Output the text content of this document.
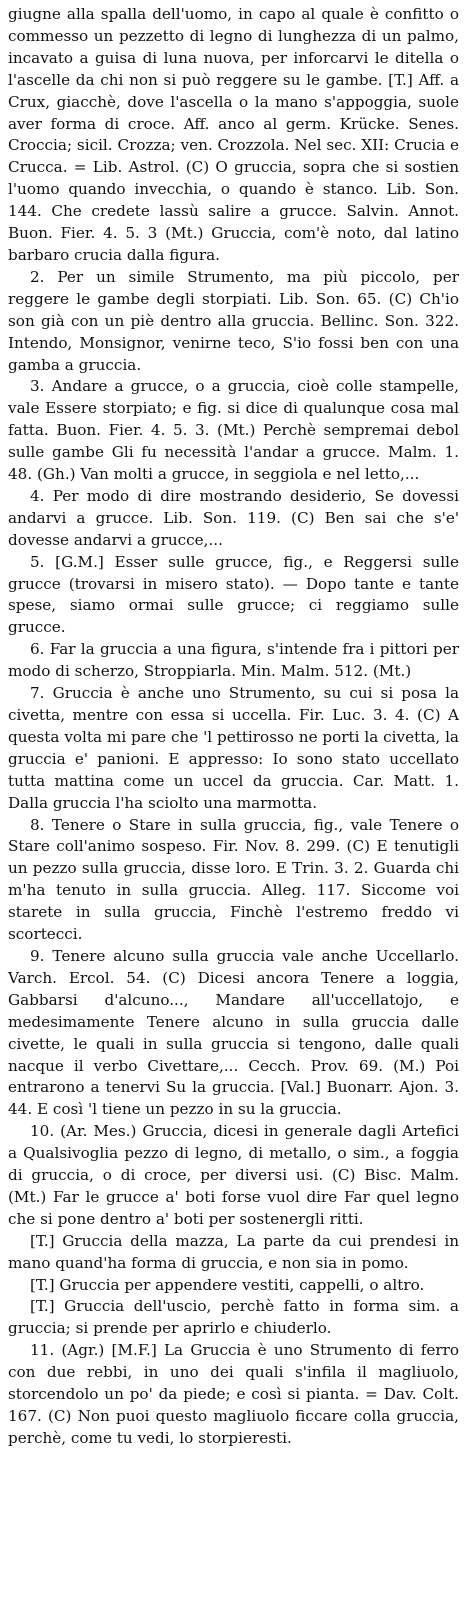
giugne alla spalla dell'uomo, in capo al quale è confitto o commesso un pezzetto di legno di lunghezza di un palmo, incavato a guisa di luna nuova, per inforcarvi le ditella o l'ascelle da chi non si può reggere su le gambe. [T.] Aff. a Crux, giacchè, dove l'ascella o la mano s'appoggia, suole aver forma di croce. Aff. anco al germ. Krücke. Senes. Croccia; sicil. Crozza; ven. Crozzola. Nel sec. XII: Crucia e Crucca. = Lib. Astrol. (C) O gruccia, sopra che si sostien l'uomo quando invecchia, o quando è stanco. Lib. Son. 144. Che credete lassù salire a grucce. Salvin. Annot. Buon. Fier. 4. 5. 3 (Mt.) Gruccia, com'è noto, dal latino barbaro crucia dalla figura.

2. Per un simile Strumento, ma più piccolo, per reggere le gambe degli storpiati. Lib. Son. 65. (C) Ch'io son già con un piè dentro alla gruccia. Bellinc. Son. 322. Intendo, Monsignor, venirne teco, S'io fossi ben con una gamba a gruccia.

3. Andare a grucce, o a gruccia, cioè colle stampelle, vale Essere storpiato; e fig. si dice di qualunque cosa mal fatta. Buon. Fier. 4. 5. 3. (Mt.) Perchè sempremai debol sulle gambe Gli fu necessità l'andar a grucce. Malm. 1. 48. (Gh.) Van molti a grucce, in seggiola e nel letto,...

4. Per modo di dire mostrando desiderio, Se dovessi andarvi a grucce. Lib. Son. 119. (C) Ben sai che s'e' dovesse andarvi a grucce,...

5. [G.M.] Esser sulle grucce, fig., e Reggersi sulle grucce (trovarsi in misero stato). — Dopo tante e tante spese, siamo ormai sulle grucce; ci reggiamo sulle grucce.

6. Far la gruccia a una figura, s'intende fra i pittori per modo di scherzo, Stroppiarla. Min. Malm. 512. (Mt.)

7. Gruccia è anche uno Strumento, su cui si posa la civetta, mentre con essa si uccella. Fir. Luc. 3. 4. (C) A questa volta mi pare che 'l pettirosso ne porti la civetta, la gruccia e' panioni. E appresso: Io sono stato uccellato tutta mattina come un uccel da gruccia. Car. Matt. 1. Dalla gruccia l'ha sciolto una marmotta.

8. Tenere o Stare in sulla gruccia, fig., vale Tenere o Stare coll'animo sospeso. Fir. Nov. 8. 299. (C) E tenutigli un pezzo sulla gruccia, disse loro. E Trin. 3. 2. Guarda chi m'ha tenuto in sulla gruccia. Alleg. 117. Siccome voi starete in sulla gruccia, Finchè l'estremo freddo vi scortecci.

9. Tenere alcuno sulla gruccia vale anche Uccellarlo. Varch. Ercol. 54. (C) Dicesi ancora Tenere a loggia, Gabbarsi d'alcuno..., Mandare all'uccellatojo, e medesimamente Tenere alcuno in sulla gruccia dalle civette, le quali in sulla gruccia si tengono, dalle quali nacque il verbo Civettare,... Cecch. Prov. 69. (M.) Poi entrarono a tenervi Su la gruccia. [Val.] Buonarr. Ajon. 3. 44. E così 'l tiene un pezzo in su la gruccia.

10. (Ar. Mes.) Gruccia, dicesi in generale dagli Artefici a Qualsivoglia pezzo di legno, di metallo, o sim., a foggia di gruccia, o di croce, per diversi usi. (C) Bisc. Malm. (Mt.) Far le grucce a' boti forse vuol dire Far quel legno che si pone dentro a' boti per sostenergli ritti.

[T.] Gruccia della mazza, La parte da cui prendesi in mano quand'ha forma di gruccia, e non sia in pomo.

[T.] Gruccia per appendere vestiti, cappelli, o altro.

[T.] Gruccia dell'uscio, perchè fatto in forma sim. a gruccia; si prende per aprirlo e chiuderlo.

11. (Agr.) [M.F.] La Gruccia è uno Strumento di ferro con due rebbi, in uno dei quali s'infila il magliuolo, storcendolo un po' da piede; e così si pianta. = Dav. Colt. 167. (C) Non puoi questo magliuolo ficcare colla gruccia, perchè, come tu vedi, lo storpieresti.
